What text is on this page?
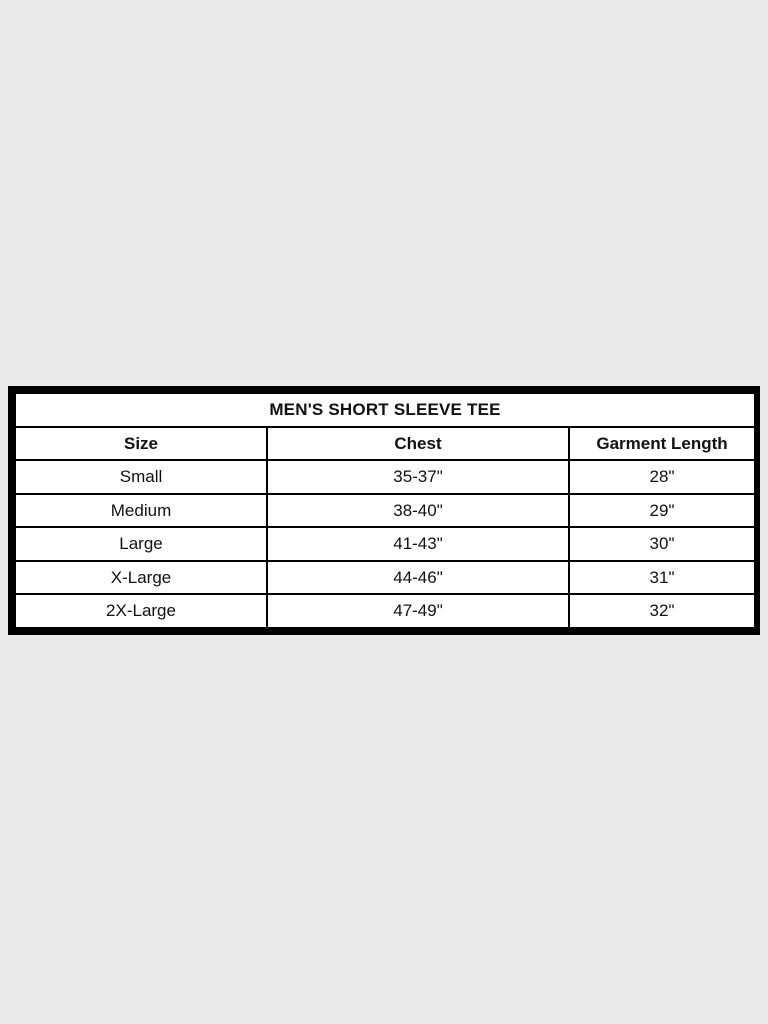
MEN'S SHORT SLEEVE TEE		
Size	Chest	Garment Length
Small	35-37"	28"
Medium	38-40"	29"
Large	41-43"	30"
X-Large	44-46"	31"
2X-Large	47-49"	32"
